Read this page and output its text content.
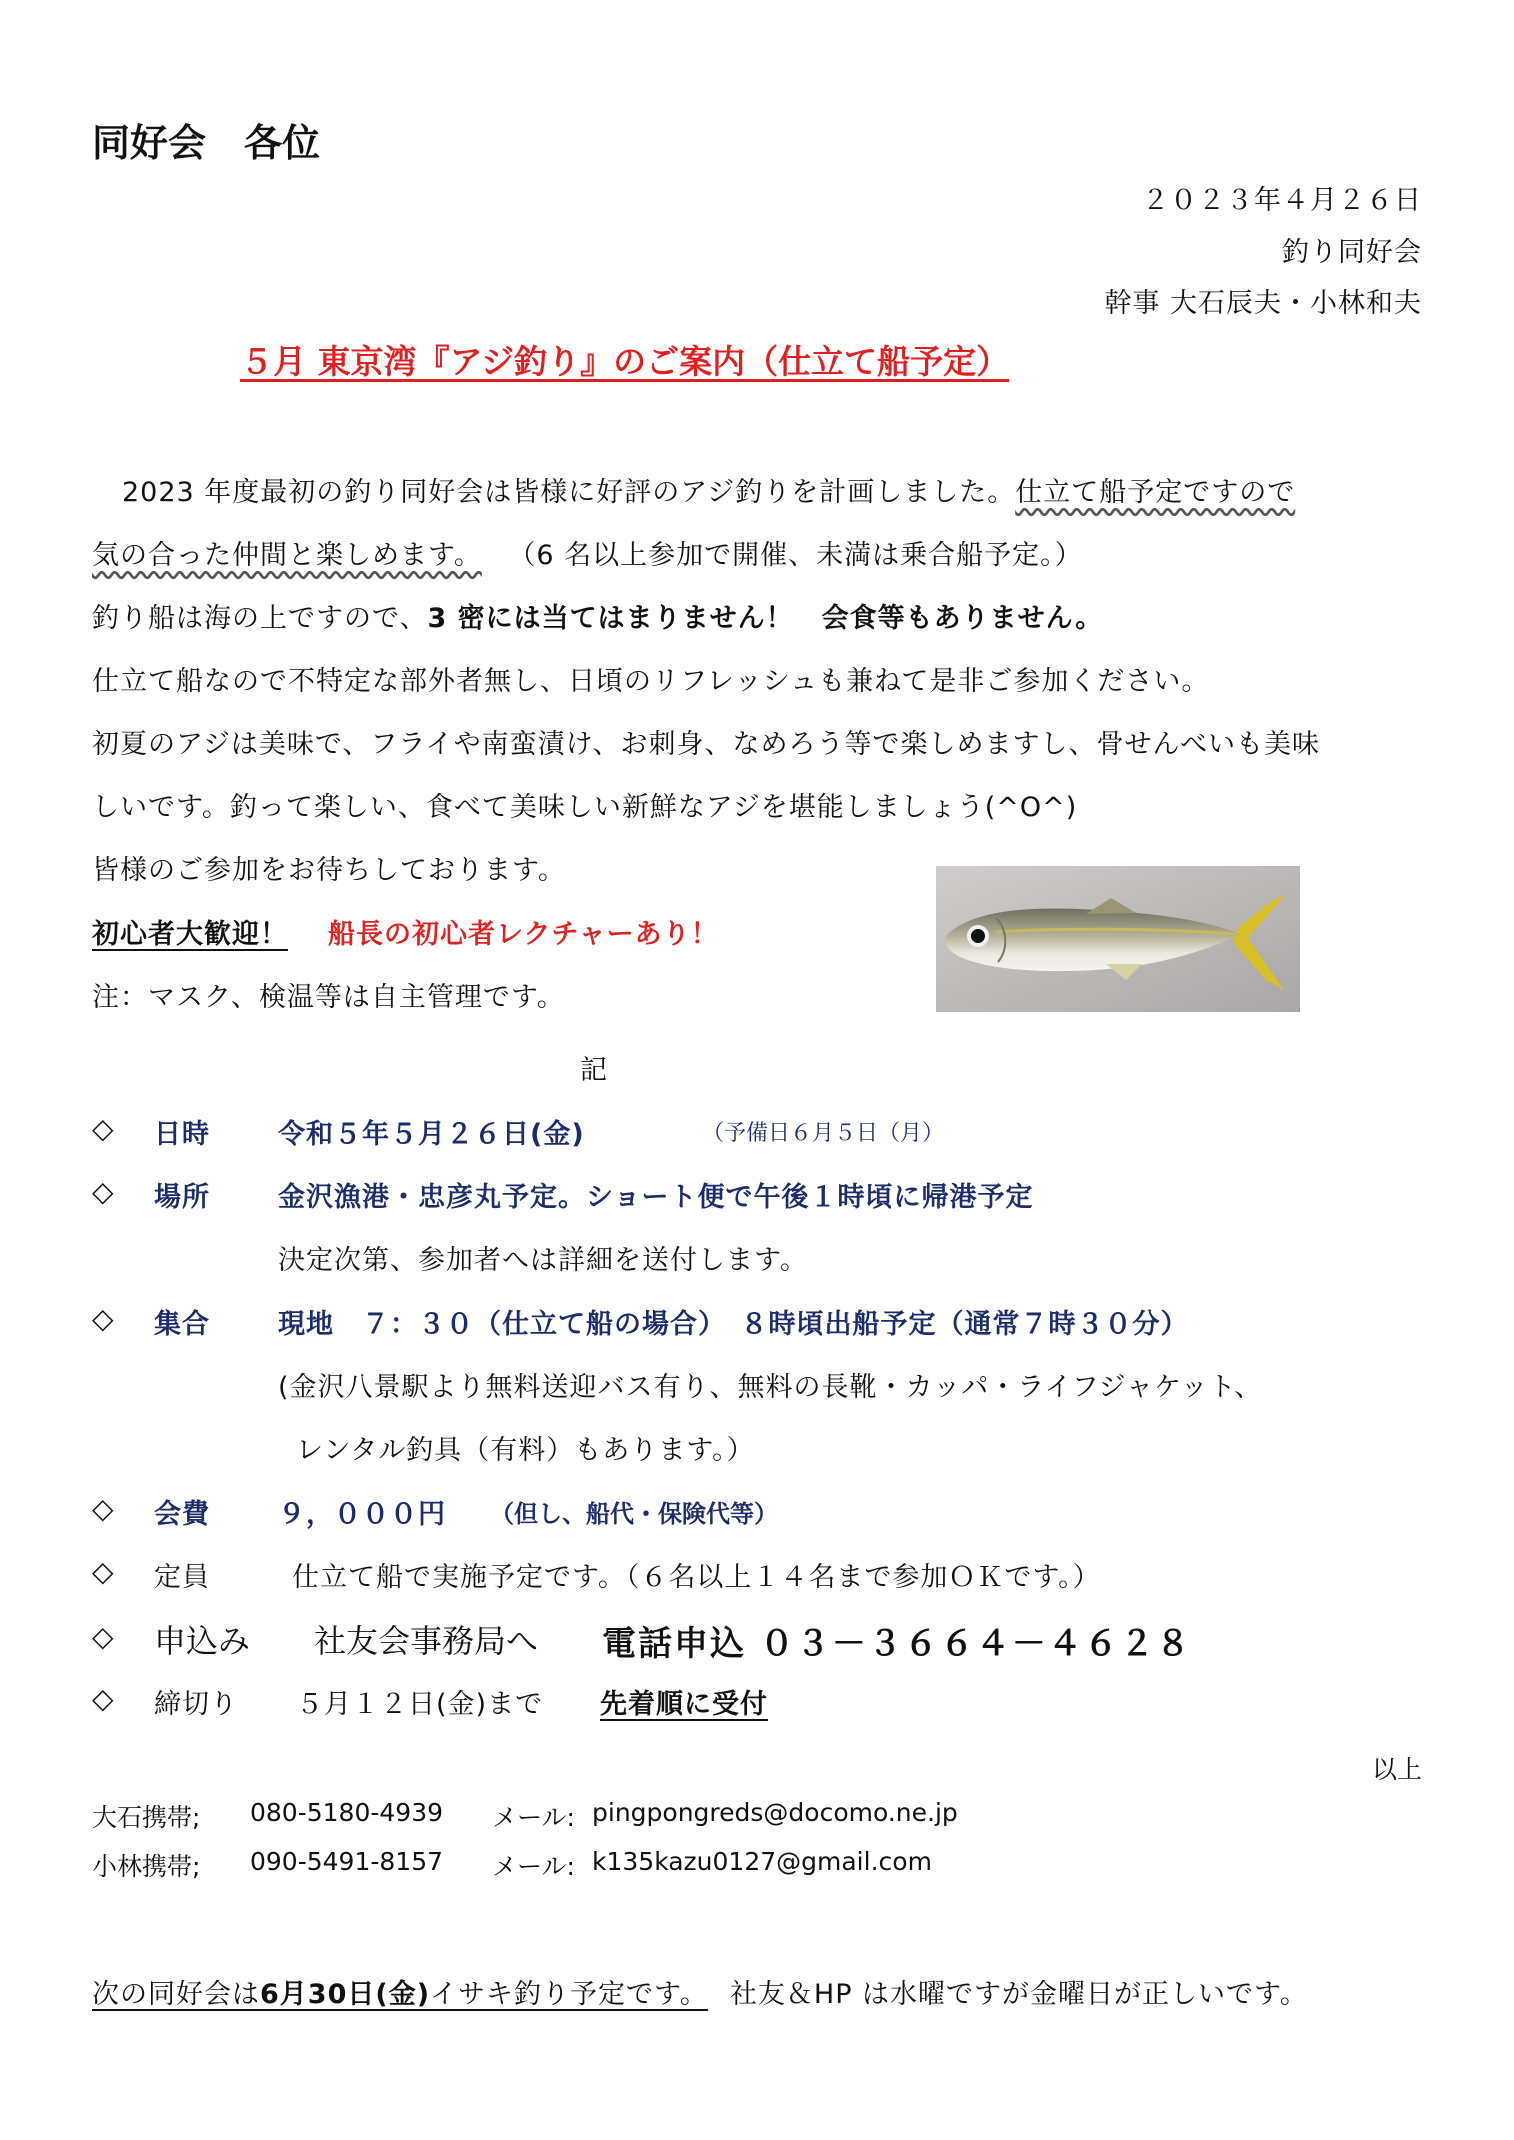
同好会　各位
２０２３年４月２６日
釣り同好会
幹事 大石辰夫・小林和夫
５月 東京湾『アジ釣り』のご案内（仕立て船予定）
2023 年度最初の釣り同好会は皆様に好評のアジ釣りを計画しました。仕立て船予定ですので
気の合った仲間と楽しめます。 （6 名以上参加で開催、未満は乗合船予定。）
釣り船は海の上ですので、3 密には当てはまりません！　会食等もありません。
仕立て船なので不特定な部外者無し、日頃のリフレッシュも兼ねて是非ご参加ください。
初夏のアジは美味で、フライや南蛮漬け、お刺身、なめろう等で楽しめますし、骨せんべいも美味
しいです。釣って楽しい、食べて美味しい新鮮なアジを堪能しましょう(^O^)
皆様のご参加をお待ちしております。
初心者大歓迎！ 船長の初心者レクチャーあり！
注：マスク、検温等は自主管理です。
記
◇ 日時	令和５年５月２６日(金)	（予備日６月５日（月）
◇ 場所	金沢漁港・忠彦丸予定。ショート便で午後１時頃に帰港予定
決定次第、参加者へは詳細を送付します。
◇ 集合	現地　７：３０（仕立て船の場合）　８時頃出船予定（通常７時３０分）
(金沢八景駅より無料送迎バス有り、無料の長靴・カッパ・ライフジャケット、
レンタル釣具（有料）もあります。）
◇ 会費	９，０００円 （但し、船代・保険代等）
◇ 定員	仕立て船で実施予定です。（６名以上１４名まで参加ＯＫです。）
◇ 申込み 社友会事務局へ 電話申込 ０３－３６６４－４６２８
◇ 締切り ５月１２日(金)まで 先着順に受付
以上
大石携帯; 080-5180-4939 メール: pingpongreds@docomo.ne.jp
小林携帯; 090-5491-8157 メール: k135kazu0127@gmail.com
次の同好会は6月30日(金)イサキ釣り予定です。 社友＆HP は水曜ですが金曜日が正しいです。
